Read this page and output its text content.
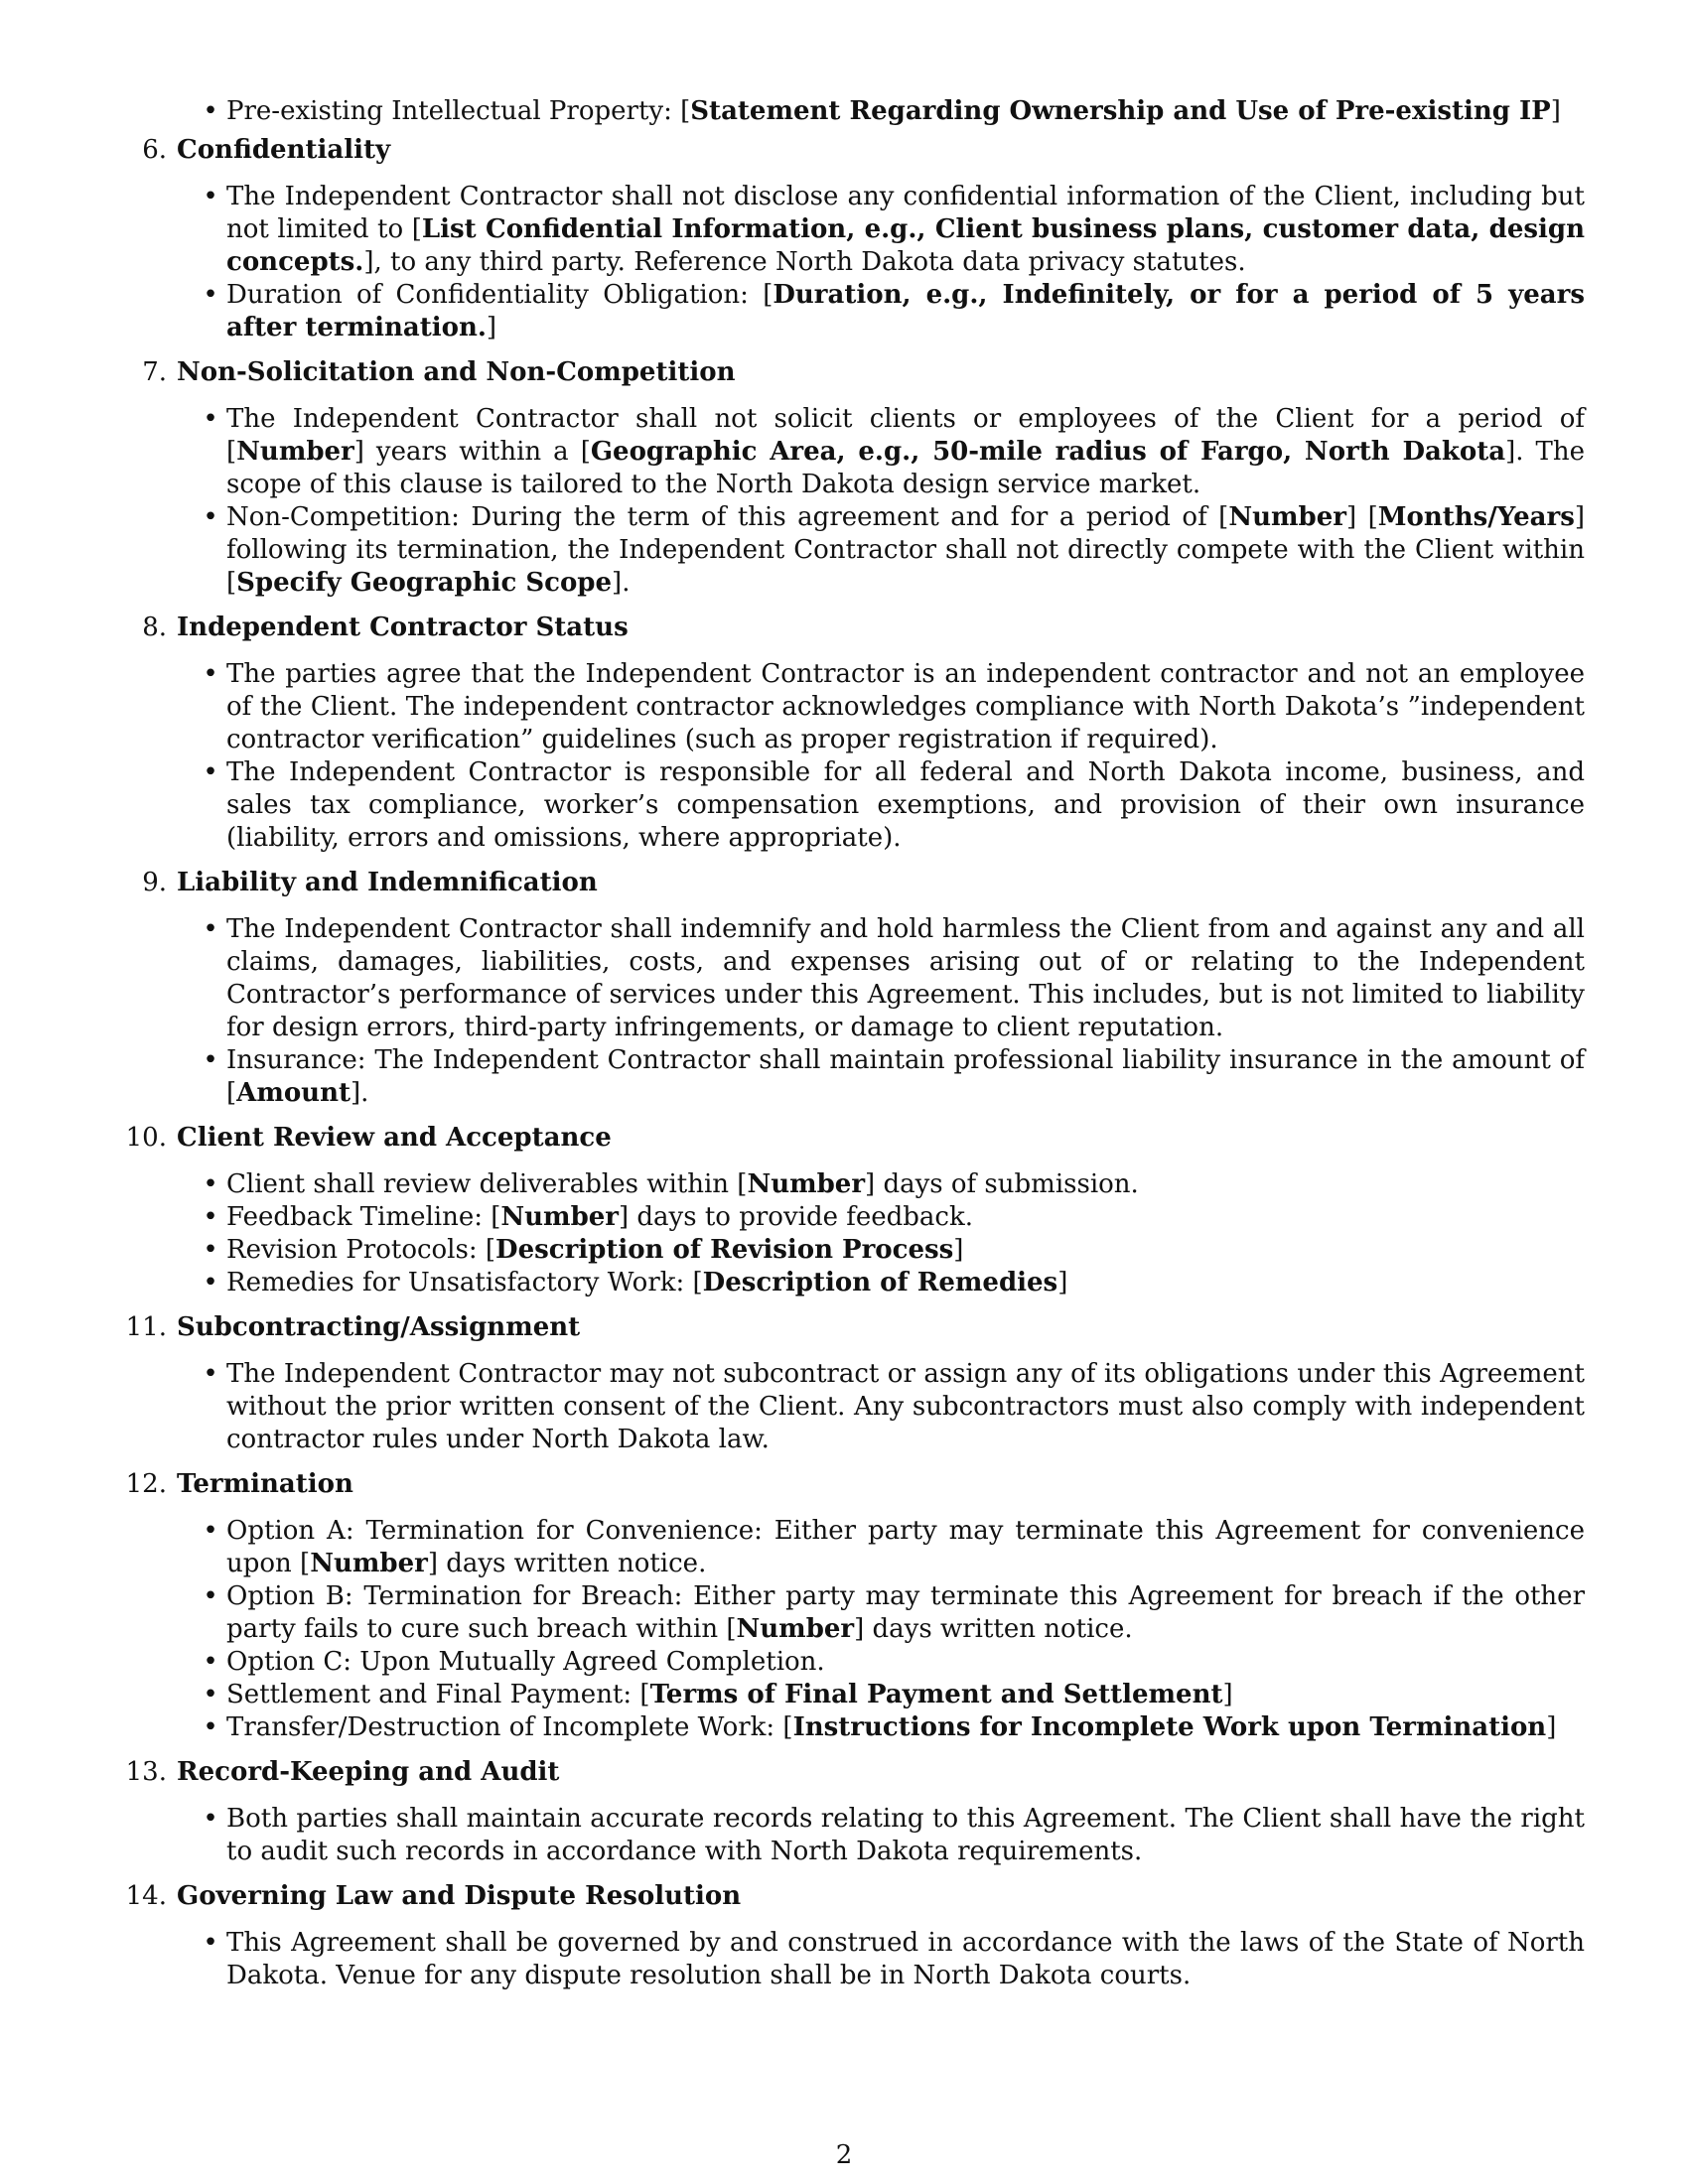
• Pre-existing Intellectual Property: [Statement Regarding Ownership and Use of Pre-existing IP]
6. Confidentiality
• The Independent Contractor shall not disclose any confidential information of the Client, including but not limited to [List Confidential Information, e.g., Client business plans, customer data, design concepts.], to any third party. Reference North Dakota data privacy statutes.
• Duration of Confidentiality Obligation: [Duration, e.g., Indefinitely, or for a period of 5 years after termination.]
7. Non-Solicitation and Non-Competition
• The Independent Contractor shall not solicit clients or employees of the Client for a period of [Number] years within a [Geographic Area, e.g., 50-mile radius of Fargo, North Dakota]. The scope of this clause is tailored to the North Dakota design service market.
• Non-Competition: During the term of this agreement and for a period of [Number] [Months/Years] following its termination, the Independent Contractor shall not directly compete with the Client within [Specify Geographic Scope].
8. Independent Contractor Status
• The parties agree that the Independent Contractor is an independent contractor and not an employee of the Client. The independent contractor acknowledges compliance with North Dakota’s ”independent contractor verification” guidelines (such as proper registration if required).
• The Independent Contractor is responsible for all federal and North Dakota income, business, and sales tax compliance, worker’s compensation exemptions, and provision of their own insurance (liability, errors and omissions, where appropriate).
9. Liability and Indemnification
• The Independent Contractor shall indemnify and hold harmless the Client from and against any and all claims, damages, liabilities, costs, and expenses arising out of or relating to the Independent Contractor’s performance of services under this Agreement. This includes, but is not limited to liability for design errors, third-party infringements, or damage to client reputation.
• Insurance: The Independent Contractor shall maintain professional liability insurance in the amount of [Amount].
10. Client Review and Acceptance
• Client shall review deliverables within [Number] days of submission.
• Feedback Timeline: [Number] days to provide feedback.
• Revision Protocols: [Description of Revision Process]
• Remedies for Unsatisfactory Work: [Description of Remedies]
11. Subcontracting/Assignment
• The Independent Contractor may not subcontract or assign any of its obligations under this Agreement without the prior written consent of the Client. Any subcontractors must also comply with independent contractor rules under North Dakota law.
12. Termination
• Option A: Termination for Convenience: Either party may terminate this Agreement for convenience upon [Number] days written notice.
• Option B: Termination for Breach: Either party may terminate this Agreement for breach if the other party fails to cure such breach within [Number] days written notice.
• Option C: Upon Mutually Agreed Completion.
• Settlement and Final Payment: [Terms of Final Payment and Settlement]
• Transfer/Destruction of Incomplete Work: [Instructions for Incomplete Work upon Termination]
13. Record-Keeping and Audit
• Both parties shall maintain accurate records relating to this Agreement. The Client shall have the right to audit such records in accordance with North Dakota requirements.
14. Governing Law and Dispute Resolution
• This Agreement shall be governed by and construed in accordance with the laws of the State of North Dakota. Venue for any dispute resolution shall be in North Dakota courts.
2
